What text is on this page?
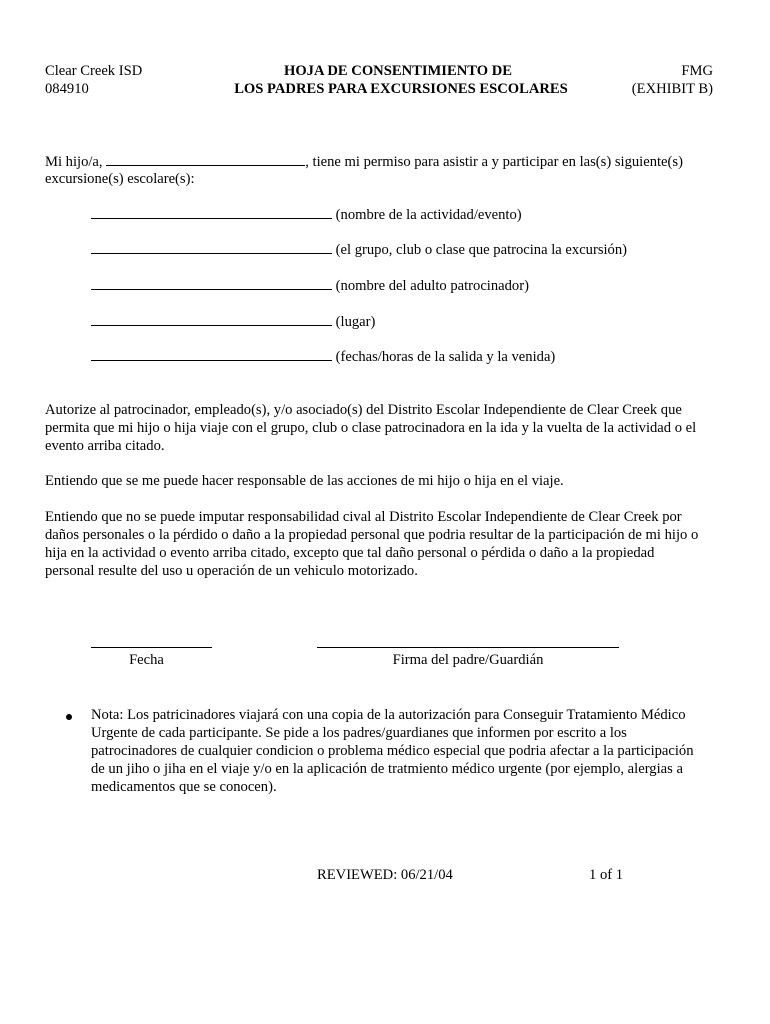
Clear Creek ISD
084910
HOJA DE CONSENTIMIENTO DE
LOS PADRES PARA EXCURSIONES ESCOLARES
FMG
(EXHIBIT B)
Mi hijo/a,	, tiene mi permiso para asistir a y participar en las(s) siguiente(s)
excursione(s) escolare(s):
(nombre de la actividad/evento)
(el grupo, club o clase que patrocina la excursión)
(nombre del adulto patrocinador)
(lugar)
(fechas/horas de la salida y la venida)
Autorize al patrocinador, empleado(s), y/o asociado(s) del Distrito Escolar Independiente de Clear Creek que
permita que mi hijo o hija viaje con el grupo, club o clase patrocinadora en la ida y la vuelta de la actividad o el
evento arriba citado.
Entiendo que se me puede hacer responsable de las acciones de mi hijo o hija en el viaje.
Entiendo que no se puede imputar responsabilidad cival al Distrito Escolar Independiente de Clear Creek por
daños personales o la pérdido o daño a la propiedad personal que podria resultar de la participación de mi hijo o
hija en la actividad o evento arriba citado, excepto que tal daño personal o pérdida o daño a la propiedad
personal resulte del uso u operación de un vehiculo motorizado.
Fecha	Firma del padre/Guardián
Nota: Los patricinadores viajará con una copia de la autorización para Conseguir Tratamiento Médico
Urgente de cada participante. Se pide a los padres/guardianes que informen por escrito a los
patrocinadores de cualquier condicion o problema médico especial que podria afectar a la participación
de un jiho o jiha en el viaje y/o en la aplicación de tratmiento médico urgente (por ejemplo, alergias a
medicamentos que se conocen).
REVIEWED: 06/21/04	1 of 1
